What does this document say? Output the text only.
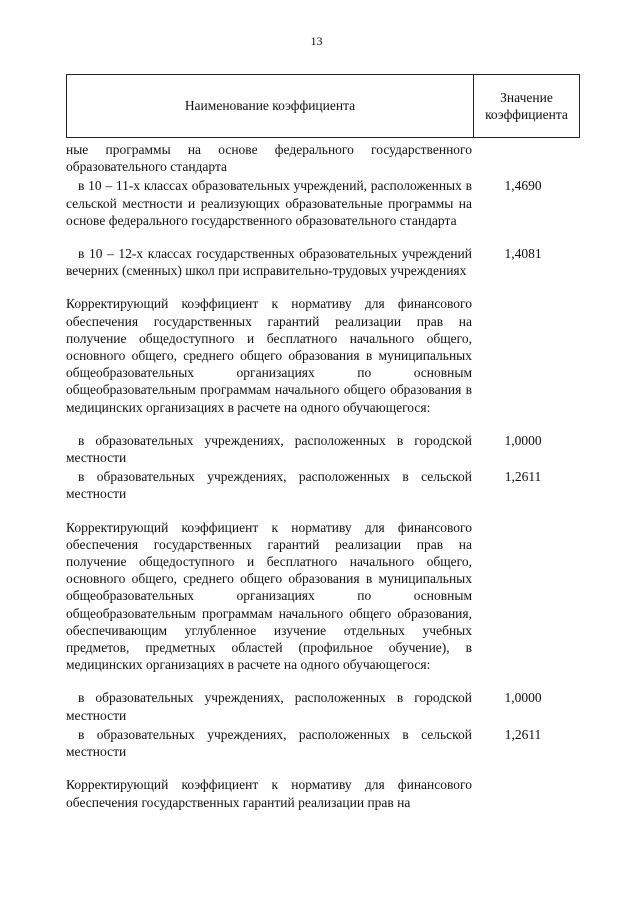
13
Наименование коэффициента
Значение
коэффициента
ные программы на основе федерального государственного образовательного стандарта
в 10 – 11-х классах образовательных учреждений, расположенных в сельской местности и реализующих образовательные программы на основе федерального государственного образовательного стандарта
1,4690
в 10 – 12-х классах государственных образовательных учреждений вечерних (сменных) школ при исправительно-трудовых учреждениях
1,4081
Корректирующий коэффициент к нормативу для финансового обеспечения государственных гарантий реализации прав на получение общедоступного и бесплатного начального общего, основного общего, среднего общего образования в муниципальных общеобразовательных организациях по основным общеобразовательным программам начального общего образования в медицинских организациях в расчете на одного обучающегося:
в образовательных учреждениях, расположенных в городской местности
1,0000
в образовательных учреждениях, расположенных в сельской местности
1,2611
Корректирующий коэффициент к нормативу для финансового обеспечения государственных гарантий реализации прав на получение общедоступного и бесплатного начального общего, основного общего, среднего общего образования в муниципальных общеобразовательных организациях по основным общеобразовательным программам начального общего образования, обеспечивающим углубленное изучение отдельных учебных предметов, предметных областей (профильное обучение), в медицинских организациях в расчете на одного обучающегося:
в образовательных учреждениях, расположенных в городской местности
1,0000
в образовательных учреждениях, расположенных в сельской местности
1,2611
Корректирующий коэффициент к нормативу для финансового обеспечения государственных гарантий реализации прав на
